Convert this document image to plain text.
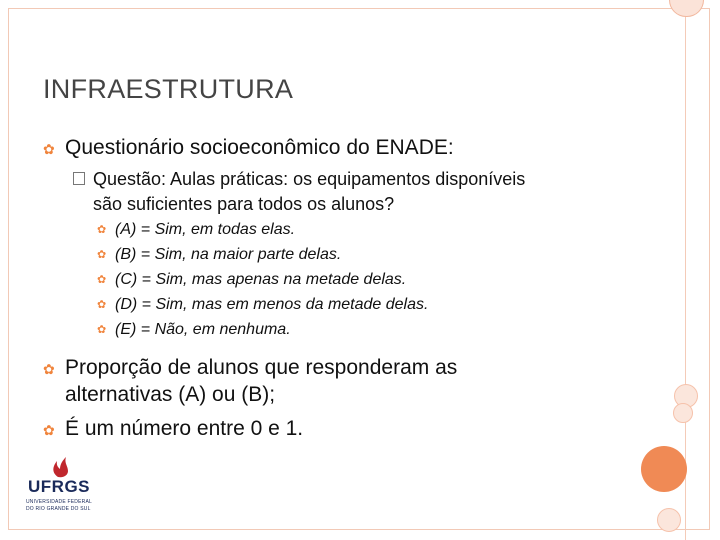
INFRAESTRUTURA
✿ Questionário socioeconômico do ENADE:
Questão: Aulas práticas: os equipamentos disponíveis
são suficientes para todos os alunos?
✿ (A) = Sim, em todas elas.
✿ (B) = Sim, na maior parte delas.
✿ (C) = Sim, mas apenas na metade delas.
✿ (D) = Sim, mas em menos da metade delas.
✿ (E) = Não, em nenhuma.
✿ Proporção de alunos que responderam as
alternativas (A) ou (B);
✿ É um número entre 0 e 1.
UFRGS
UNIVERSIDADE FEDERAL
DO RIO GRANDE DO SUL
